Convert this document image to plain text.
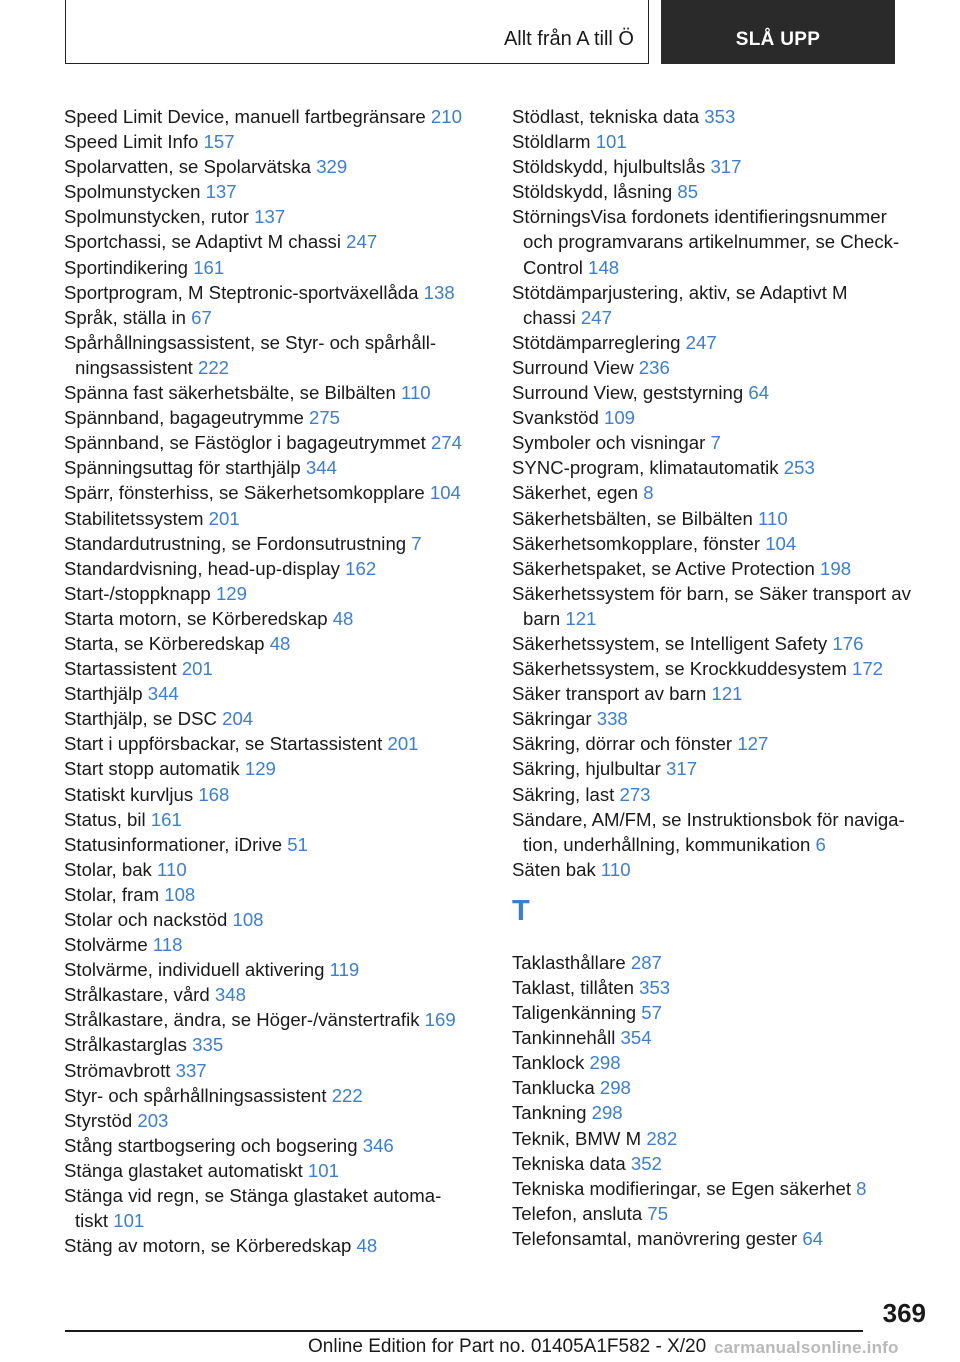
Allt från A till Ö	SLÅ UPP
Speed Limit Device, manuell fartbegränsare 210
Speed Limit Info 157
Spolarvatten, se Spolarvätska 329
Spolmunstycken 137
Spolmunstycken, rutor 137
Sportchassi, se Adaptivt M chassi 247
Sportindikering 161
Sportprogram, M Steptronic-sportväxellåda 138
Språk, ställa in 67
Spårhållningsassistent, se Styr- och spårhåll-
ningsassistent 222
Spänna fast säkerhetsbälte, se Bilbälten 110
Spännband, bagageutrymme 275
Spännband, se Fästöglor i bagageutrymmet 274
Spänningsuttag för starthjälp 344
Spärr, fönsterhiss, se Säkerhetsomkopplare 104
Stabilitetssystem 201
Standardutrustning, se Fordonsutrustning 7
Standardvisning, head-up-display 162
Start-/stoppknapp 129
Starta motorn, se Körberedskap 48
Starta, se Körberedskap 48
Startassistent 201
Starthjälp 344
Starthjälp, se DSC 204
Start i uppförsbackar, se Startassistent 201
Start stopp automatik 129
Statiskt kurvljus 168
Status, bil 161
Statusinformationer, iDrive 51
Stolar, bak 110
Stolar, fram 108
Stolar och nackstöd 108
Stolvärme 118
Stolvärme, individuell aktivering 119
Strålkastare, vård 348
Strålkastare, ändra, se Höger-/vänstertrafik 169
Strålkastarglas 335
Strömavbrott 337
Styr- och spårhållningsassistent 222
Styrstöd 203
Stång startbogsering och bogsering 346
Stänga glastaket automatiskt 101
Stänga vid regn, se Stänga glastaket automa-
tiskt 101
Stäng av motorn, se Körberedskap 48
Stödlast, tekniska data 353
Stöldlarm 101
Stöldskydd, hjulbultslås 317
Stöldskydd, låsning 85
StörningsVisa fordonets identifieringsnummer
och programvarans artikelnummer, se Check-
Control 148
Stötdämparjustering, aktiv, se Adaptivt M
chassi 247
Stötdämparreglering 247
Surround View 236
Surround View, geststyrning 64
Svankstöd 109
Symboler och visningar 7
SYNC-program, klimatautomatik 253
Säkerhet, egen 8
Säkerhetsbälten, se Bilbälten 110
Säkerhetsomkopplare, fönster 104
Säkerhetspaket, se Active Protection 198
Säkerhetssystem för barn, se Säker transport av
barn 121
Säkerhetssystem, se Intelligent Safety 176
Säkerhetssystem, se Krockkuddesystem 172
Säker transport av barn 121
Säkringar 338
Säkring, dörrar och fönster 127
Säkring, hjulbultar 317
Säkring, last 273
Sändare, AM/FM, se Instruktionsbok för naviga-
tion, underhållning, kommunikation 6
Säten bak 110
T
Taklasthållare 287
Taklast, tillåten 353
Taligenkänning 57
Tankinnehåll 354
Tanklock 298
Tanklucka 298
Tankning 298
Teknik, BMW M 282
Tekniska data 352
Tekniska modifieringar, se Egen säkerhet 8
Telefon, ansluta 75
Telefonsamtal, manövrering gester 64
369
Online Edition for Part no. 01405A1F582 - X/20 carmanualsonline.info
